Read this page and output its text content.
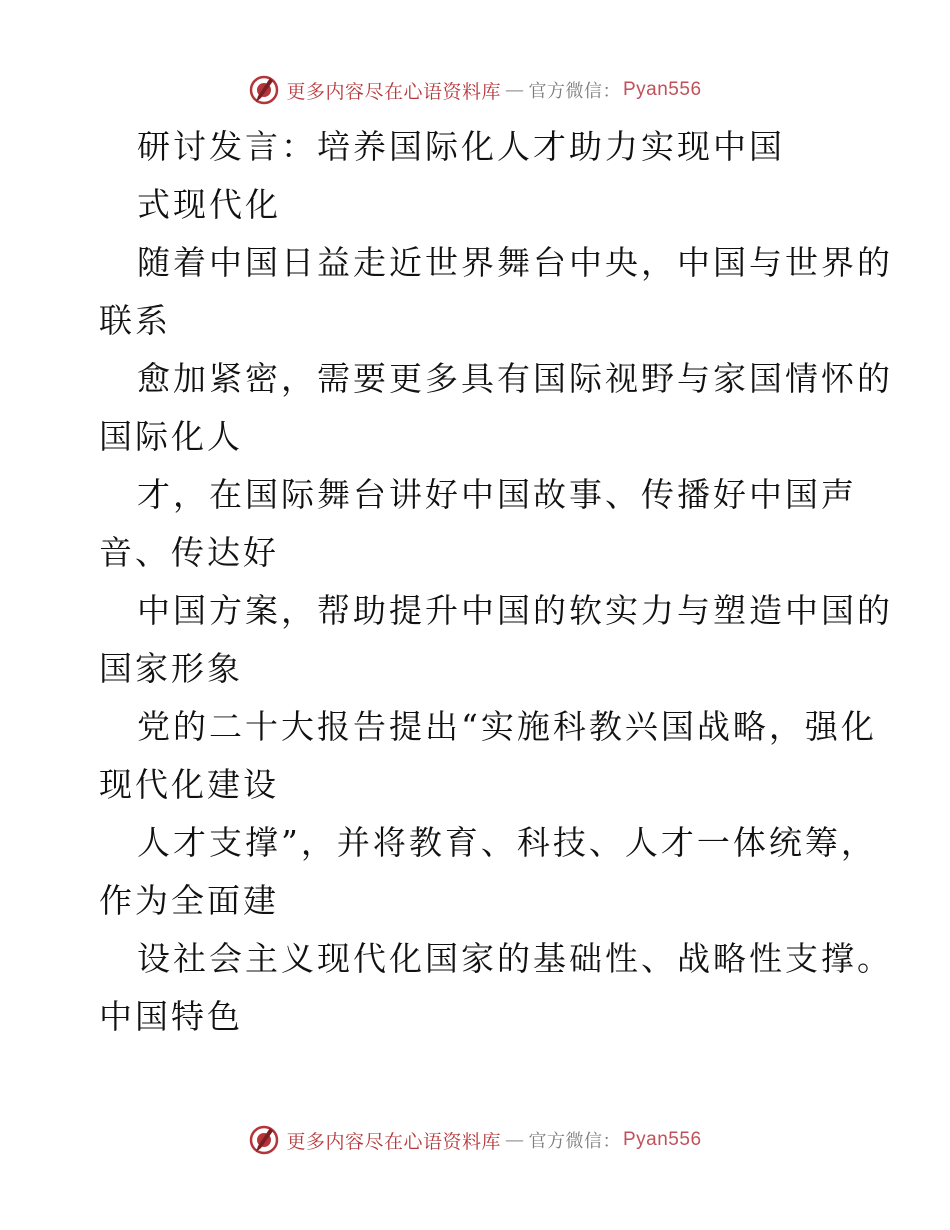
更多内容尽在心语资料库 — 官方微信： Pyan556
研讨发言：培养国际化人才助力实现中国
式现代化
随着中国日益走近世界舞台中央，中国与世界的
联系
愈加紧密，需要更多具有国际视野与家国情怀的
国际化人
才，在国际舞台讲好中国故事、传播好中国声
音、传达好
中国方案，帮助提升中国的软实力与塑造中国的
国家形象
党的二十大报告提出“实施科教兴国战略，强化
现代化建设
人才支撑”，并将教育、科技、人才一体统筹，
作为全面建
设社会主义现代化国家的基础性、战略性支撑。
中国特色
更多内容尽在心语资料库 — 官方微信： Pyan556
